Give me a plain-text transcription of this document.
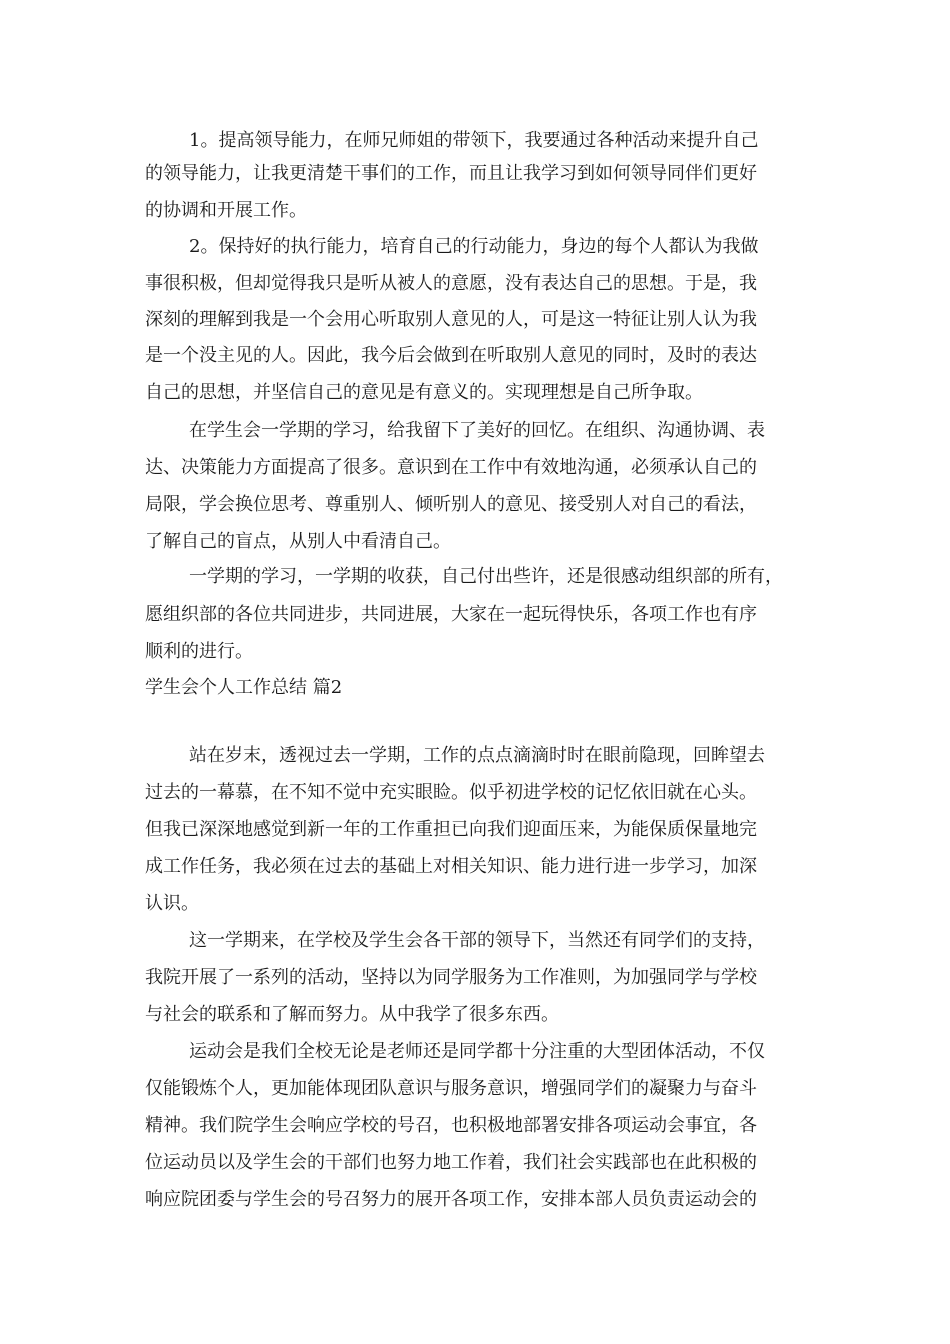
1。提高领导能力，在师兄师姐的带领下，我要通过各种活动来提升自己
的领导能力，让我更清楚干事们的工作，而且让我学习到如何领导同伴们更好
的协调和开展工作。
2。保持好的执行能力，培育自己的行动能力，身边的每个人都认为我做
事很积极，但却觉得我只是听从被人的意愿，没有表达自己的思想。于是，我
深刻的理解到我是一个会用心听取别人意见的人，可是这一特征让别人认为我
是一个没主见的人。因此，我今后会做到在听取别人意见的同时，及时的表达
自己的思想，并坚信自己的意见是有意义的。实现理想是自己所争取。
在学生会一学期的学习，给我留下了美好的回忆。在组织、沟通协调、表
达、决策能力方面提高了很多。意识到在工作中有效地沟通，必须承认自己的
局限，学会换位思考、尊重别人、倾听别人的意见、接受别人对自己的看法，
了解自己的盲点，从别人中看清自己。
一学期的学习，一学期的收获，自己付出些许，还是很感动组织部的所有，
愿组织部的各位共同进步，共同进展，大家在一起玩得快乐，各项工作也有序
顺利的进行。
学生会个人工作总结 篇2
站在岁末，透视过去一学期，工作的点点滴滴时时在眼前隐现，回眸望去
过去的一幕慕，在不知不觉中充实眼睑。似乎初进学校的记忆依旧就在心头。
但我已深深地感觉到新一年的工作重担已向我们迎面压来，为能保质保量地完
成工作任务，我必须在过去的基础上对相关知识、能力进行进一步学习，加深
认识。
这一学期来，在学校及学生会各干部的领导下，当然还有同学们的支持，
我院开展了一系列的活动，坚持以为同学服务为工作准则，为加强同学与学校
与社会的联系和了解而努力。从中我学了很多东西。
运动会是我们全校无论是老师还是同学都十分注重的大型团体活动，不仅
仅能锻炼个人，更加能体现团队意识与服务意识，增强同学们的凝聚力与奋斗
精神。我们院学生会响应学校的号召，也积极地部署安排各项运动会事宜，各
位运动员以及学生会的干部们也努力地工作着，我们社会实践部也在此积极的
响应院团委与学生会的号召努力的展开各项工作，安排本部人员负责运动会的
